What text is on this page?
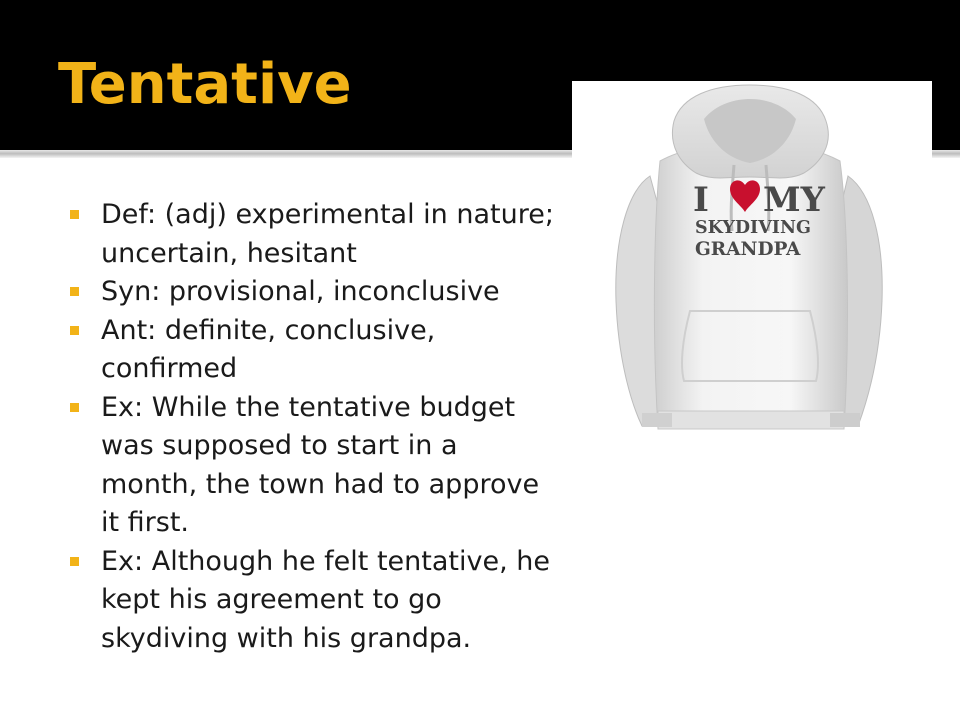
Tentative
Def: (adj) experimental in nature; uncertain, hesitant
Syn: provisional, inconclusive
Ant: definite, conclusive, confirmed
Ex: While the tentative budget was supposed to start in a month, the town had to approve it first.
Ex: Although he felt tentative, he kept his agreement to go skydiving with his grandpa.
I MY
SKYDIVING
GRANDPA
